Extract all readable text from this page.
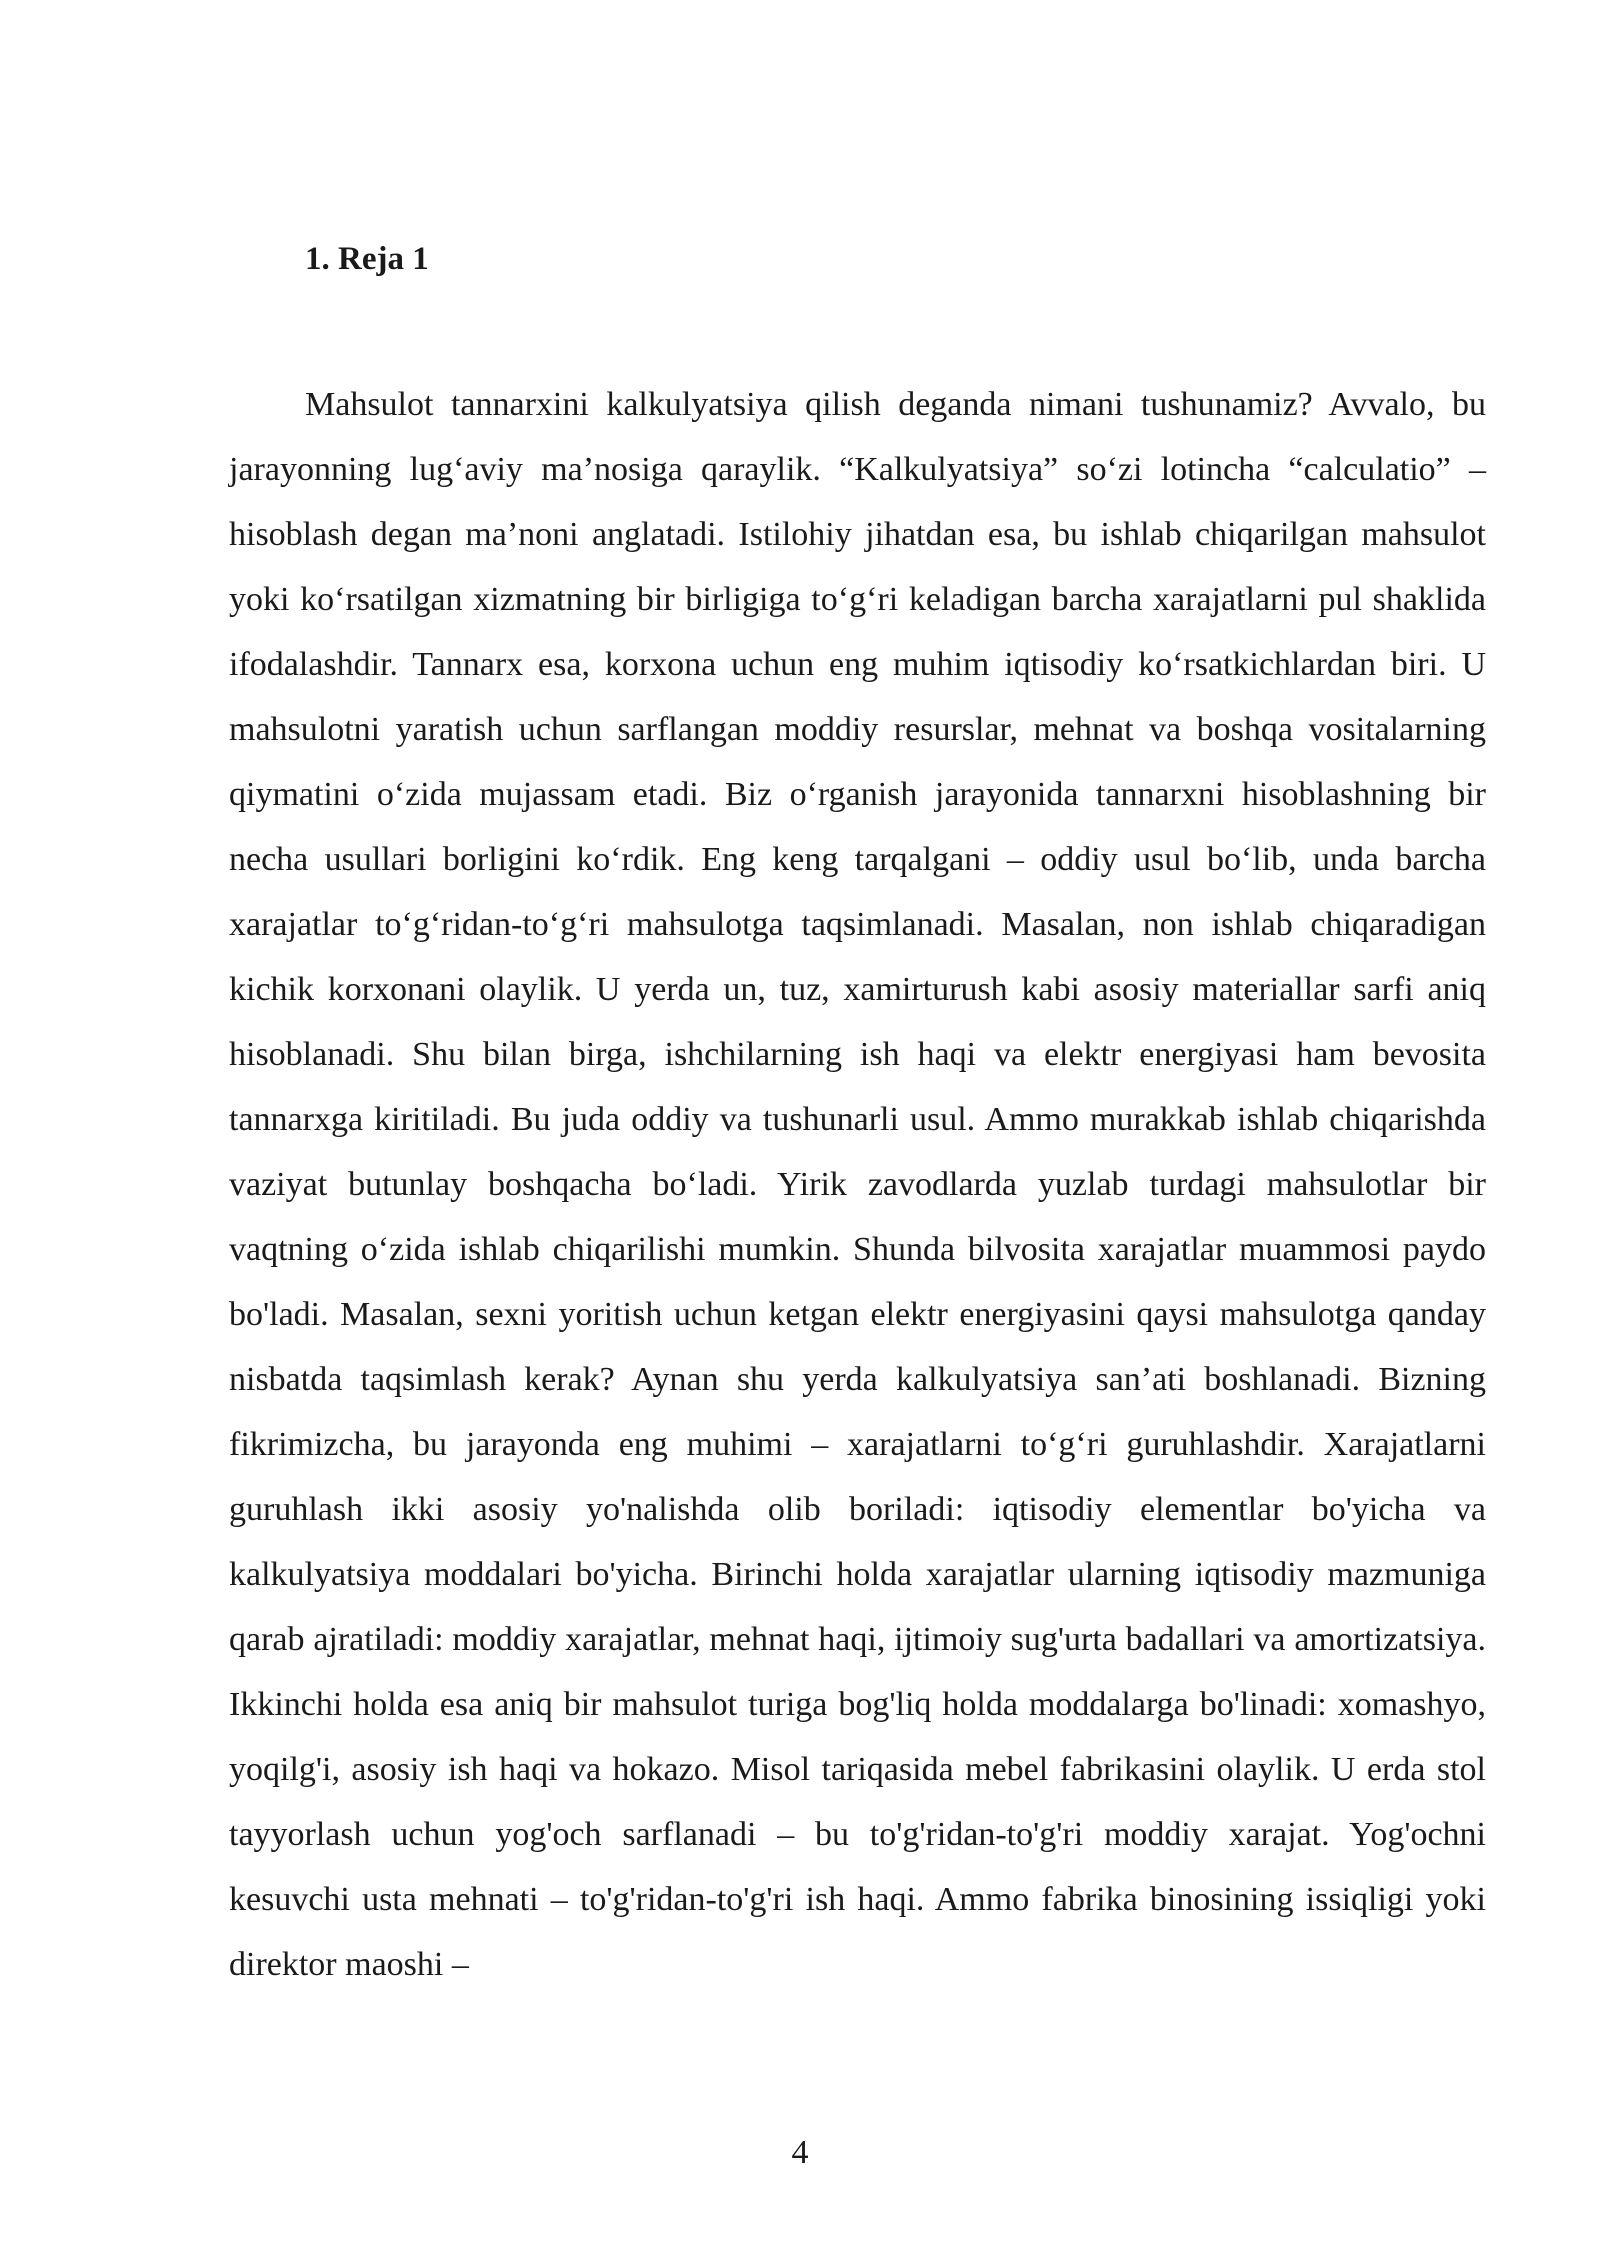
1. Reja 1

Mahsulot tannarxini kalkulyatsiya qilish deganda nimani tushunamiz? Avvalo, bu jarayonning lug‘aviy ma’nosiga qaraylik. “Kalkulyatsiya” so‘zi lotincha “calculatio” – hisoblash degan ma’noni anglatadi. Istilohiy jihatdan esa, bu ishlab chiqarilgan mahsulot yoki ko‘rsatilgan xizmatning bir birligiga to‘g‘ri keladigan barcha xarajatlarni pul shaklida ifodalashdir. Tannarx esa, korxona uchun eng muhim iqtisodiy ko‘rsatkichlardan biri. U mahsulotni yaratish uchun sarflangan moddiy resurslar, mehnat va boshqa vositalarning qiymatini o‘zida mujassam etadi. Biz o‘rganish jarayonida tannarxni hisoblashning bir necha usullari borligini ko‘rdik. Eng keng tarqalgani – oddiy usul bo‘lib, unda barcha xarajatlar to‘g‘ridan-to‘g‘ri mahsulotga taqsimlanadi. Masalan, non ishlab chiqaradigan kichik korxonani olaylik. U yerda un, tuz, xamirturush kabi asosiy materiallar sarfi aniq hisoblanadi. Shu bilan birga, ishchilarning ish haqi va elektr energiyasi ham bevosita tannarxga kiritiladi. Bu juda oddiy va tushunarli usul. Ammo murakkab ishlab chiqarishda vaziyat butunlay boshqacha bo‘ladi. Yirik zavodlarda yuzlab turdagi mahsulotlar bir vaqtning o‘zida ishlab chiqarilishi mumkin. Shunda bilvosita xarajatlar muammosi paydo bo'ladi. Masalan, sexni yoritish uchun ketgan elektr energiyasini qaysi mahsulotga qanday nisbatda taqsimlash kerak? Aynan shu yerda kalkulyatsiya san’ati boshlanadi. Bizning fikrimizcha, bu jarayonda eng muhimi – xarajatlarni to‘g‘ri guruhlashdir. Xarajatlarni guruhlash ikki asosiy yo'nalishda olib boriladi: iqtisodiy elementlar bo'yicha va kalkulyatsiya moddalari bo'yicha. Birinchi holda xarajatlar ularning iqtisodiy mazmuniga qarab ajratiladi: moddiy xarajatlar, mehnat haqi, ijtimoiy sug'urta badallari va amortizatsiya. Ikkinchi holda esa aniq bir mahsulot turiga bog'liq holda moddalarga bo'linadi: xomashyo, yoqilg'i, asosiy ish haqi va hokazo. Misol tariqasida mebel fabrikasini olaylik. U erda stol tayyorlash uchun yog'och sarflanadi – bu to'g'ridan-to'g'ri moddiy xarajat. Yog'ochni kesuvchi usta mehnati – to'g'ridan-to'g'ri ish haqi. Ammo fabrika binosining issiqligi yoki direktor maoshi –

4
